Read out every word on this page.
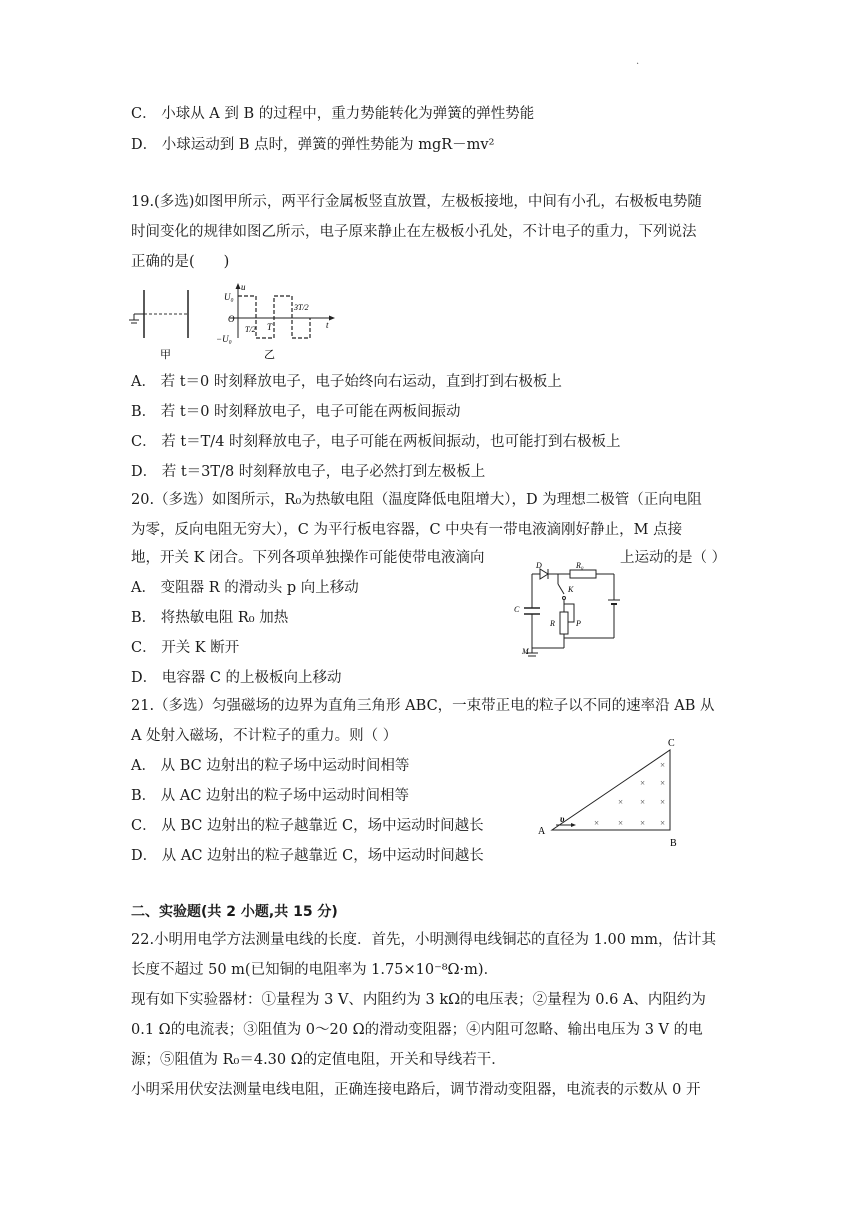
.
C． 小球从 A 到 B 的过程中，重力势能转化为弹簧的弹性势能
D． 小球运动到 B 点时，弹簧的弹性势能为 mgR－mv²
19.(多选)如图甲所示，两平行金属板竖直放置，左极板接地，中间有小孔，右极板电势随
时间变化的规律如图乙所示，电子原来静止在左极板小孔处，不计电子的重力，下列说法
正确的是(　　)
甲
U₀
u
O
−U₀
T/2 T
3T/2
t
乙
A． 若 t＝0 时刻释放电子，电子始终向右运动，直到打到右极板上
B． 若 t＝0 时刻释放电子，电子可能在两板间振动
C． 若 t＝T/4 时刻释放电子，电子可能在两板间振动，也可能打到右极板上
D． 若 t＝3T/8 时刻释放电子，电子必然打到左极板上
20.（多选）如图所示，R₀为热敏电阻（温度降低电阻增大），D 为理想二极管（正向电阻
为零，反向电阻无穷大），C 为平行板电容器，C 中央有一带电液滴刚好静止，M 点接
地，开关 K 闭合。下列各项单独操作可能使带电液滴向	上运动的是（ ）
D	R₀
K
C
R	P
M
A． 变阻器 R 的滑动头 p 向上移动
B． 将热敏电阻 R₀ 加热
C． 开关 K 断开
D． 电容器 C 的上极板向上移动
21.（多选）匀强磁场的边界为直角三角形 ABC，一束带正电的粒子以不同的速率沿 AB 从
A 处射入磁场，不计粒子的重力。则（ ）
υ
A
B
C
×
× ×
× × ×
× × × ×
A． 从 BC 边射出的粒子场中运动时间相等
B． 从 AC 边射出的粒子场中运动时间相等
C． 从 BC 边射出的粒子越靠近 C，场中运动时间越长
D． 从 AC 边射出的粒子越靠近 C，场中运动时间越长
二、实验题(共 2 小题,共 15 分)
22.小明用电学方法测量电线的长度．首先，小明测得电线铜芯的直径为 1.00 mm，估计其
长度不超过 50 m(已知铜的电阻率为 1.75×10⁻⁸Ω·m)．
现有如下实验器材：①量程为 3 V、内阻约为 3 kΩ的电压表；②量程为 0.6 A、内阻约为
0.1 Ω的电流表；③阻值为 0～20 Ω的滑动变阻器；④内阻可忽略、输出电压为 3 V 的电
源；⑤阻值为 R₀＝4.30 Ω的定值电阻，开关和导线若干．
小明采用伏安法测量电线电阻，正确连接电路后，调节滑动变阻器，电流表的示数从 0 开
